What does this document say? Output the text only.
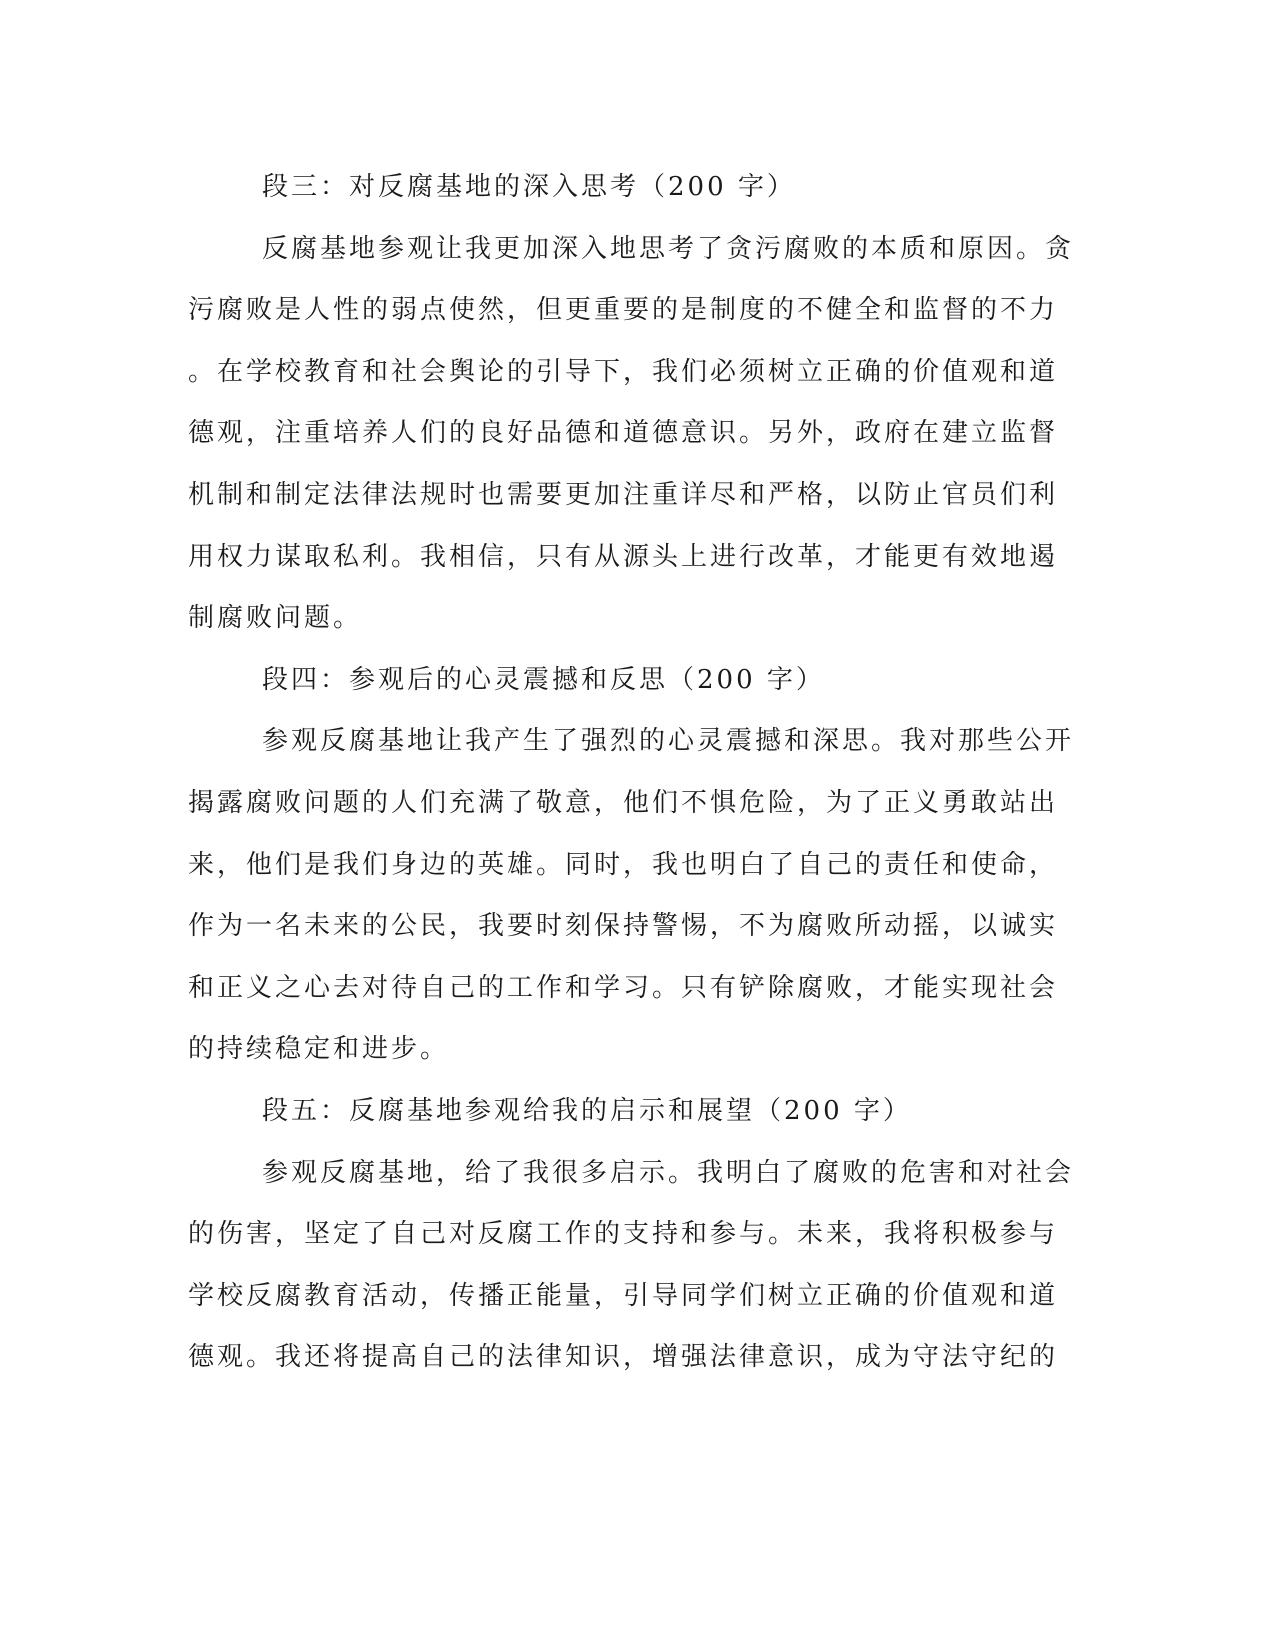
段三：对反腐基地的深入思考（200 字）
反腐基地参观让我更加深入地思考了贪污腐败的本质和原因。贪
污腐败是人性的弱点使然，但更重要的是制度的不健全和监督的不力
。在学校教育和社会舆论的引导下，我们必须树立正确的价值观和道
德观，注重培养人们的良好品德和道德意识。另外，政府在建立监督
机制和制定法律法规时也需要更加注重详尽和严格，以防止官员们利
用权力谋取私利。我相信，只有从源头上进行改革，才能更有效地遏
制腐败问题。
段四：参观后的心灵震撼和反思（200 字）
参观反腐基地让我产生了强烈的心灵震撼和深思。我对那些公开
揭露腐败问题的人们充满了敬意，他们不惧危险，为了正义勇敢站出
来，他们是我们身边的英雄。同时，我也明白了自己的责任和使命，
作为一名未来的公民，我要时刻保持警惕，不为腐败所动摇，以诚实
和正义之心去对待自己的工作和学习。只有铲除腐败，才能实现社会
的持续稳定和进步。
段五：反腐基地参观给我的启示和展望（200 字）
参观反腐基地，给了我很多启示。我明白了腐败的危害和对社会
的伤害，坚定了自己对反腐工作的支持和参与。未来，我将积极参与
学校反腐教育活动，传播正能量，引导同学们树立正确的价值观和道
德观。我还将提高自己的法律知识，增强法律意识，成为守法守纪的
